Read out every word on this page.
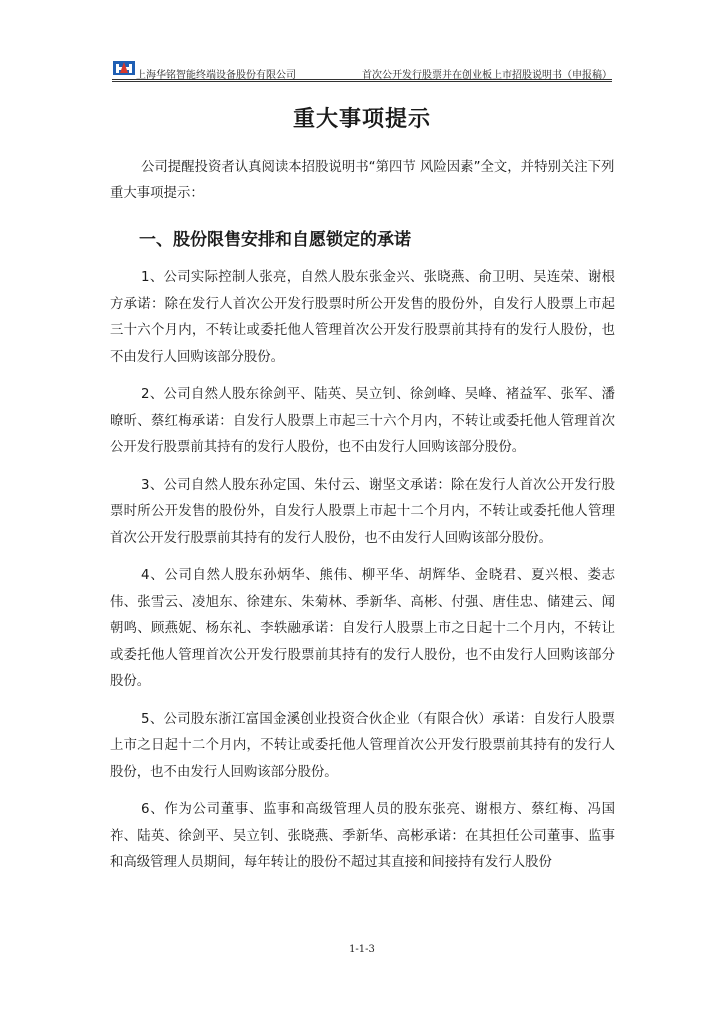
上海华铭智能终端设备股份有限公司	首次公开发行股票并在创业板上市招股说明书（申报稿）
重大事项提示

公司提醒投资者认真阅读本招股说明书“第四节 风险因素”全文，并特别关注下列重大事项提示：

一、股份限售安排和自愿锁定的承诺

1、公司实际控制人张亮，自然人股东张金兴、张晓燕、俞卫明、吴连荣、谢根方承诺：除在发行人首次公开发行股票时所公开发售的股份外，自发行人股票上市起三十六个月内，不转让或委托他人管理首次公开发行股票前其持有的发行人股份，也不由发行人回购该部分股份。

2、公司自然人股东徐剑平、陆英、吴立钊、徐剑峰、吴峰、褚益军、张军、潘暸昕、蔡红梅承诺：自发行人股票上市起三十六个月内，不转让或委托他人管理首次公开发行股票前其持有的发行人股份，也不由发行人回购该部分股份。

3、公司自然人股东孙定国、朱付云、谢坚文承诺：除在发行人首次公开发行股票时所公开发售的股份外，自发行人股票上市起十二个月内，不转让或委托他人管理首次公开发行股票前其持有的发行人股份，也不由发行人回购该部分股份。

4、公司自然人股东孙炳华、熊伟、柳平华、胡辉华、金晓君、夏兴根、娄志伟、张雪云、凌旭东、徐建东、朱菊林、季新华、高彬、付强、唐佳忠、储建云、闻朝鸣、顾燕妮、杨东礼、李轶融承诺：自发行人股票上市之日起十二个月内，不转让或委托他人管理首次公开发行股票前其持有的发行人股份，也不由发行人回购该部分股份。

5、公司股东浙江富国金溪创业投资合伙企业（有限合伙）承诺：自发行人股票上市之日起十二个月内，不转让或委托他人管理首次公开发行股票前其持有的发行人股份，也不由发行人回购该部分股份。

6、作为公司董事、监事和高级管理人员的股东张亮、谢根方、蔡红梅、冯国祚、陆英、徐剑平、吴立钊、张晓燕、季新华、高彬承诺：在其担任公司董事、监事和高级管理人员期间，每年转让的股份不超过其直接和间接持有发行人股份

1-1-3
